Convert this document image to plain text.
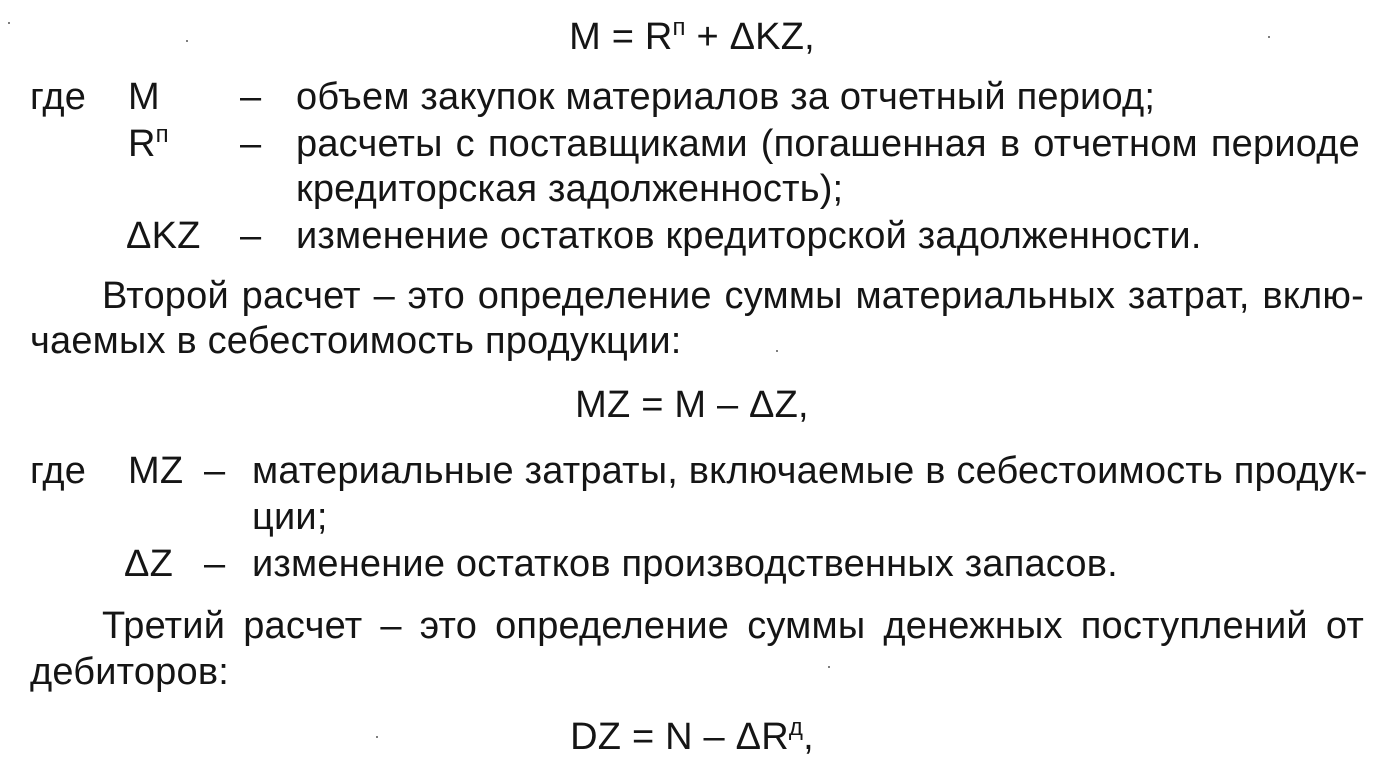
$M = R^п + \Delta KZ$,
где M – объем закупок материалов за отчетный период;
$R^п$ – расчеты с поставщиками (погашенная в отчетном периоде
кредиторская задолженность);
ΔKZ – изменение остатков кредиторской задолженности.
Второй расчет – это определение суммы материальных затрат, вклю-
чаемых в себестоимость продукции:
MZ = M – ΔZ,
где MZ – материальные затраты, включаемые в себестоимость продук-
ции;
ΔZ – изменение остатков производственных запасов.
Третий расчет – это определение суммы денежных поступлений от
дебиторов:
DZ = N – $\Delta R^д$,
